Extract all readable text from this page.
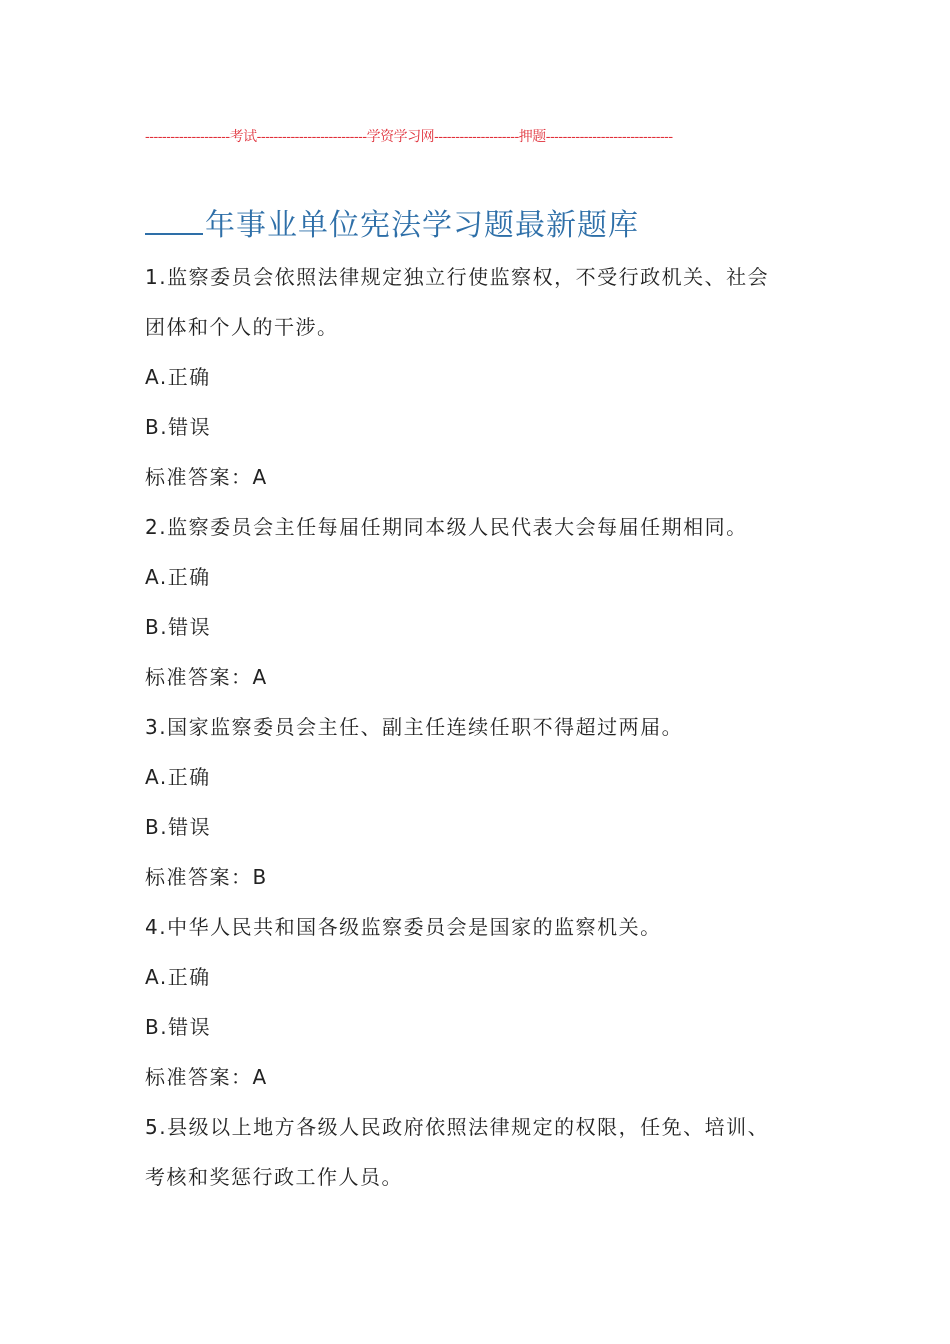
--------------------考试--------------------------学资学习网--------------------押题------------------------------
年事业单位宪法学习题最新题库
1.监察委员会依照法律规定独立行使监察权，不受行政机关、社会
团体和个人的干涉。
A.正确
B.错误
标准答案：A
2.监察委员会主任每届任期同本级人民代表大会每届任期相同。
A.正确
B.错误
标准答案：A
3.国家监察委员会主任、副主任连续任职不得超过两届。
A.正确
B.错误
标准答案：B
4.中华人民共和国各级监察委员会是国家的监察机关。
A.正确
B.错误
标准答案：A
5.县级以上地方各级人民政府依照法律规定的权限，任免、培训、
考核和奖惩行政工作人员。
